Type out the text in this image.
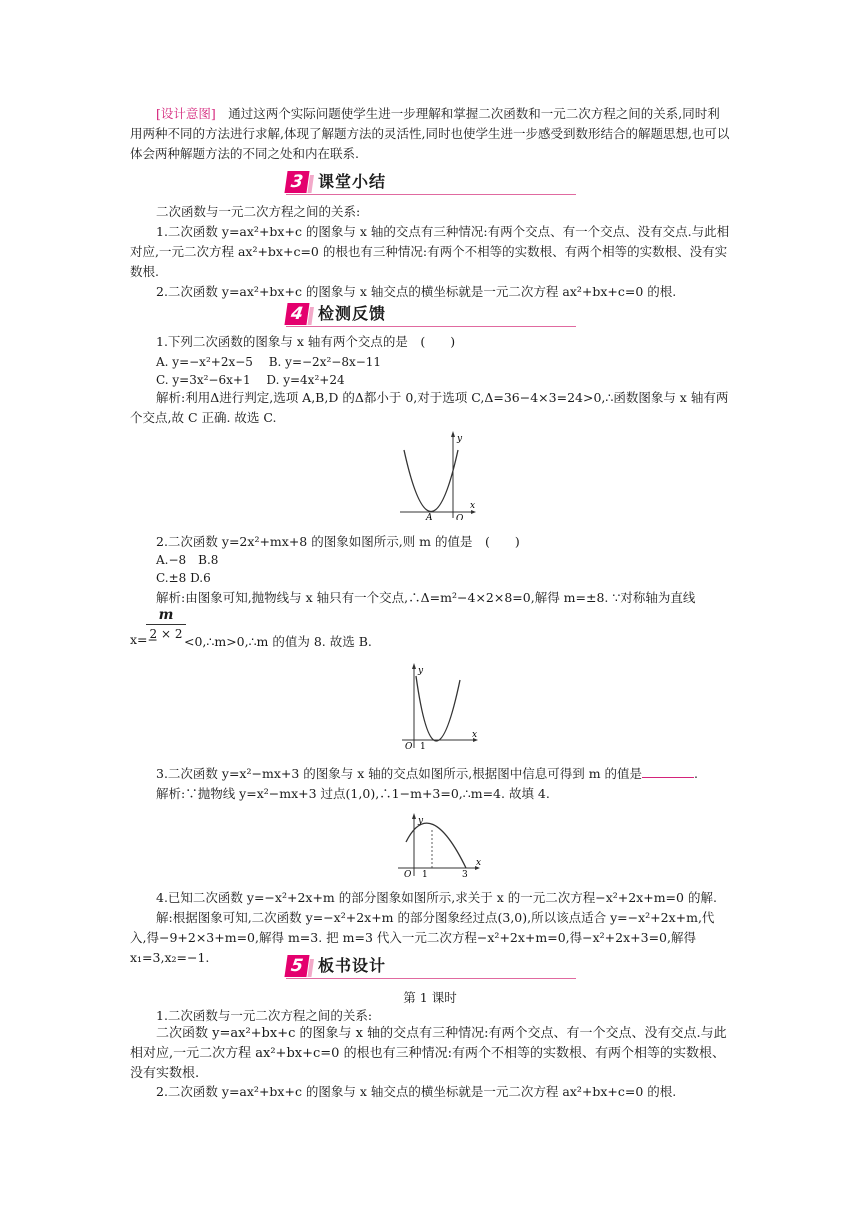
[设计意图]　通过这两个实际问题使学生进一步理解和掌握二次函数和一元二次方程之间的关系,同时利用两种不同的方法进行求解,体现了解题方法的灵活性,同时也使学生进一步感受到数形结合的解题思想,也可以体会两种解题方法的不同之处和内在联系.

3 课堂小结

二次函数与一元二次方程之间的关系:

1.二次函数 y=ax²+bx+c 的图象与 x 轴的交点有三种情况:有两个交点、有一个交点、没有交点.与此相对应,一元二次方程 ax²+bx+c=0 的根也有三种情况:有两个不相等的实数根、有两个相等的实数根、没有实数根.

2.二次函数 y=ax²+bx+c 的图象与 x 轴交点的横坐标就是一元二次方程 ax²+bx+c=0 的根.

4 检测反馈

1.下列二次函数的图象与 x 轴有两个交点的是　(　　)

A. y=−x²+2x−5　 B. y=−2x²−8x−11

C. y=3x²−6x+1　 D. y=4x²+24

解析:利用Δ进行判定,选项 A,B,D 的Δ都小于 0,对于选项 C,Δ=36−4×3=24>0,∴函数图象与 x 轴有两个交点,故 C 正确. 故选 C.

y
x
A	O

2.二次函数 y=2x²+mx+8 的图象如图所示,则 m 的值是　(　　)

A.−8　B.8

C.±8 D.6

解析:由图象可知,抛物线与 x 轴只有一个交点,∴Δ=m²−4×2×8=0,解得 m=±8. ∵对称轴为直线

x=−
$\frac{m}{2 \times 2}$
<0,∴m>0,∴m 的值为 8. 故选 B.
y
x
O 1

3.二次函数 y=x²−mx+3 的图象与 x 轴的交点如图所示,根据图中信息可得到 m 的值是	.

解析:∵抛物线 y=x²−mx+3 过点(1,0),∴1−m+3=0,∴m=4. 故填 4.

y
x
O 1	3

4.已知二次函数 y=−x²+2x+m 的部分图象如图所示,求关于 x 的一元二次方程−x²+2x+m=0 的解.

解:根据图象可知,二次函数 y=−x²+2x+m 的部分图象经过点(3,0),所以该点适合 y=−x²+2x+m,代入,得−9+2×3+m=0,解得 m=3. 把 m=3 代入一元二次方程−x²+2x+m=0,得−x²+2x+3=0,解得 x₁=3,x₂=−1.	5 板书设计

第 1 课时

1.二次函数与一元二次方程之间的关系:

二次函数 y=ax²+bx+c 的图象与 x 轴的交点有三种情况:有两个交点、有一个交点、没有交点.与此相对应,一元二次方程 ax²+bx+c=0 的根也有三种情况:有两个不相等的实数根、有两个相等的实数根、没有实数根.

2.二次函数 y=ax²+bx+c 的图象与 x 轴交点的横坐标就是一元二次方程 ax²+bx+c=0 的根.
